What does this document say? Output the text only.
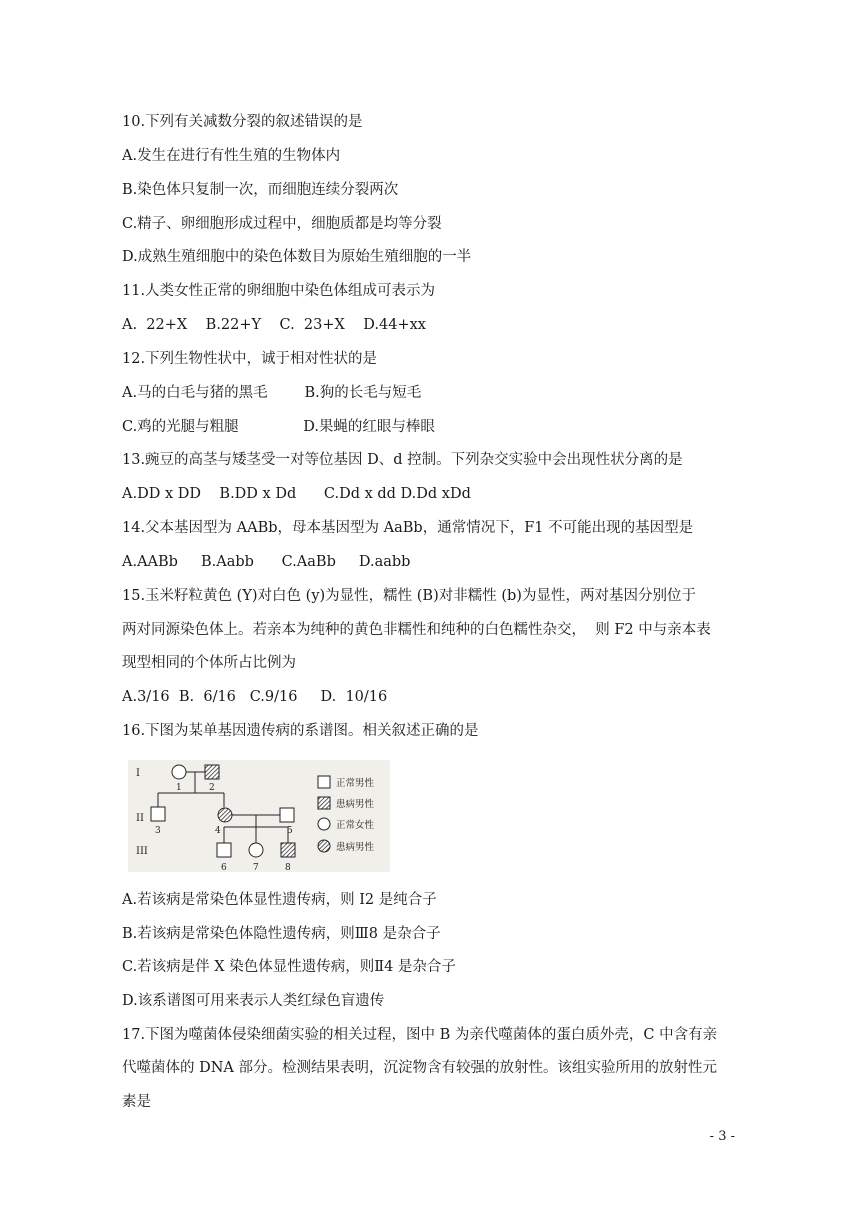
10.下列有关减数分裂的叙述错误的是
A.发生在进行有性生殖的生物体内
B.染色体只复制一次，而细胞连续分裂两次
C.精子、卵细胞形成过程中，细胞质都是均等分裂
D.成熟生殖细胞中的染色体数目为原始生殖细胞的一半
11.人类女性正常的卵细胞中染色体组成可表示为
A.  22+X    B.22+Y    C.  23+X    D.44+xx
12.下列生物性状中，诚于相对性状的是
A.马的白毛与猪的黑毛        B.狗的长毛与短毛
C.鸡的光腿与粗腿              D.果蝇的红眼与棒眼
13.豌豆的高茎与矮茎受一对等位基因 D、d 控制。下列杂交实验中会出现性状分离的是
A.DD x DD    B.DD x Dd      C.Dd x dd D.Dd xDd
14.父本基因型为 AABb，母本基因型为 AaBb，通常情况下，F1 不可能出现的基因型是
A.AABb     B.Aabb      C.AaBb     D.aabb
15.玉米籽粒黄色 (Y)对白色 (y)为显性，糯性 (B)对非糯性 (b)为显性，两对基因分别位于
两对同源染色体上。若亲本为纯种的黄色非糯性和纯种的白色糯性杂交，  则 F2 中与亲本表
现型相同的个体所占比例为
A.3/16  B.  6/16   C.9/16     D.  10/16
16.下图为某单基因遗传病的系谱图。相关叙述正确的是
I
II
III
1	2
3	4	5
6	7	8
正常男性
患病男性
正常女性
患病男性
A.若该病是常染色体显性遗传病，则 I2 是纯合子
B.若该病是常染色体隐性遗传病，则Ⅲ8 是杂合子
C.若该病是伴 X 染色体显性遗传病，则Ⅱ4 是杂合子
D.该系谱图可用来表示人类红绿色盲遗传
17.下图为噬菌体侵染细菌实验的相关过程，图中 B 为亲代噬菌体的蛋白质外壳，C 中含有亲
代噬菌体的 DNA 部分。检测结果表明，沉淀物含有较强的放射性。该组实验所用的放射性元
素是
- 3 -
